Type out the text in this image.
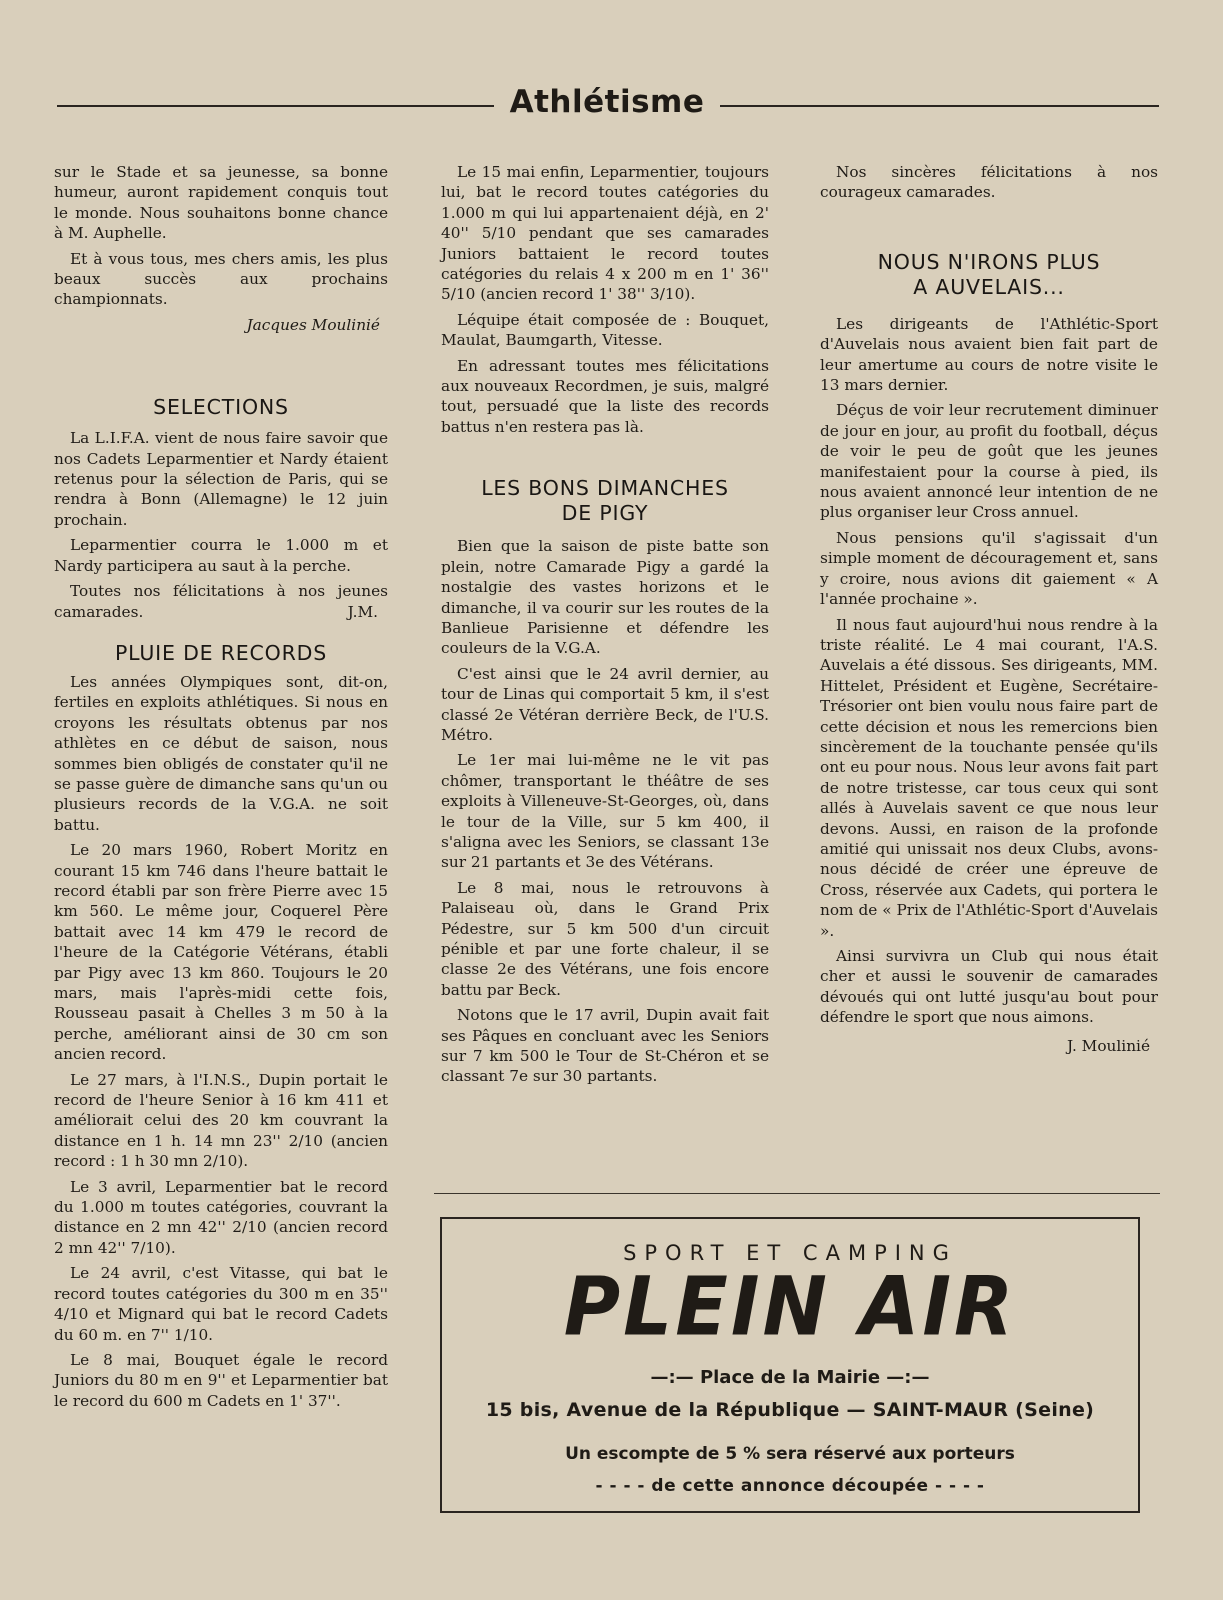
Athlétisme

sur le Stade et sa jeunesse, sa bonne humeur, auront rapidement conquis tout le monde. Nous souhaitons bonne chance à M. Auphelle.

Et à vous tous, mes chers amis, les plus beaux succès aux prochains championnats.

Jacques Moulinié
SELECTIONS

La L.I.F.A. vient de nous faire savoir que nos Cadets Leparmentier et Nardy étaient retenus pour la sélection de Paris, qui se rendra à Bonn (Allemagne) le 12 juin prochain.

Leparmentier courra le 1.000 m et Nardy participera au saut à la perche.

Toutes nos félicitations à nos jeunes camarades.	J.M.

PLUIE DE RECORDS

Les années Olympiques sont, dit-on, fertiles en exploits athlétiques. Si nous en croyons les résultats obtenus par nos athlètes en ce début de saison, nous sommes bien obligés de constater qu'il ne se passe guère de dimanche sans qu'un ou plusieurs records de la V.G.A. ne soit battu.

Le 20 mars 1960, Robert Moritz en courant 15 km 746 dans l'heure battait le record établi par son frère Pierre avec 15 km 560. Le même jour, Coquerel Père battait avec 14 km 479 le record de l'heure de la Catégorie Vétérans, établi par Pigy avec 13 km 860. Toujours le 20 mars, mais l'après-midi cette fois, Rousseau pasait à Chelles 3 m 50 à la perche, améliorant ainsi de 30 cm son ancien record.

Le 27 mars, à l'I.N.S., Dupin portait le record de l'heure Senior à 16 km 411 et améliorait celui des 20 km couvrant la distance en 1 h. 14 mn 23'' 2/10 (ancien record : 1 h 30 mn 2/10).

Le 3 avril, Leparmentier bat le record du 1.000 m toutes catégories, couvrant la distance en 2 mn 42'' 2/10 (ancien record 2 mn 42'' 7/10).

Le 24 avril, c'est Vitasse, qui bat le record toutes catégories du 300 m en 35'' 4/10 et Mignard qui bat le record Cadets du 60 m. en 7'' 1/10.

Le 8 mai, Bouquet égale le record Juniors du 80 m en 9'' et Leparmentier bat le record du 600 m Cadets en 1' 37''.

Le 15 mai enfin, Leparmentier, toujours lui, bat le record toutes catégories du 1.000 m qui lui appartenaient déjà, en 2' 40'' 5/10 pendant que ses camarades Juniors battaient le record toutes catégories du relais 4 x 200 m en 1' 36'' 5/10 (ancien record 1' 38'' 3/10).

Léquipe était composée de : Bouquet, Maulat, Baumgarth, Vitesse.

En adressant toutes mes félicitations aux nouveaux Recordmen, je suis, malgré tout, persuadé que la liste des records battus n'en restera pas là.

LES BONS DIMANCHES
DE PIGY

Bien que la saison de piste batte son plein, notre Camarade Pigy a gardé la nostalgie des vastes horizons et le dimanche, il va courir sur les routes de la Banlieue Parisienne et défendre les couleurs de la V.G.A.

C'est ainsi que le 24 avril dernier, au tour de Linas qui comportait 5 km, il s'est classé 2e Vétéran derrière Beck, de l'U.S. Métro.

Le 1er mai lui-même ne le vit pas chômer, transportant le théâtre de ses exploits à Villeneuve-St-Georges, où, dans le tour de la Ville, sur 5 km 400, il s'aligna avec les Seniors, se classant 13e sur 21 partants et 3e des Vétérans.

Le 8 mai, nous le retrouvons à Palaiseau où, dans le Grand Prix Pédestre, sur 5 km 500 d'un circuit pénible et par une forte chaleur, il se classe 2e des Vétérans, une fois encore battu par Beck.

Notons que le 17 avril, Dupin avait fait ses Pâques en concluant avec les Seniors sur 7 km 500 le Tour de St-Chéron et se classant 7e sur 30 partants.

Nos sincères félicitations à nos courageux camarades.

NOUS N'IRONS PLUS
A AUVELAIS...

Les dirigeants de l'Athlétic-Sport d'Auvelais nous avaient bien fait part de leur amertume au cours de notre visite le 13 mars dernier.

Déçus de voir leur recrutement diminuer de jour en jour, au profit du football, déçus de voir le peu de goût que les jeunes manifestaient pour la course à pied, ils nous avaient annoncé leur intention de ne plus organiser leur Cross annuel.

Nous pensions qu'il s'agissait d'un simple moment de découragement et, sans y croire, nous avions dit gaiement « A l'année prochaine ».

Il nous faut aujourd'hui nous rendre à la triste réalité. Le 4 mai courant, l'A.S. Auvelais a été dissous. Ses dirigeants, MM. Hittelet, Président et Eugène, Secrétaire-Trésorier ont bien voulu nous faire part de cette décision et nous les remercions bien sincèrement de la touchante pensée qu'ils ont eu pour nous. Nous leur avons fait part de notre tristesse, car tous ceux qui sont allés à Auvelais savent ce que nous leur devons. Aussi, en raison de la profonde amitié qui unissait nos deux Clubs, avons-nous décidé de créer une épreuve de Cross, réservée aux Cadets, qui portera le nom de « Prix de l'Athlétic-Sport d'Auvelais ».

Ainsi survivra un Club qui nous était cher et aussi le souvenir de camarades dévoués qui ont lutté jusqu'au bout pour défendre le sport que nous aimons.

J. Moulinié
SPORT ET CAMPING
PLEIN AIR
—:— Place de la Mairie —:—
15 bis, Avenue de la République — SAINT-MAUR (Seine)
Un escompte de 5 % sera réservé aux porteurs
- - - - de cette annonce découpée - - - -
